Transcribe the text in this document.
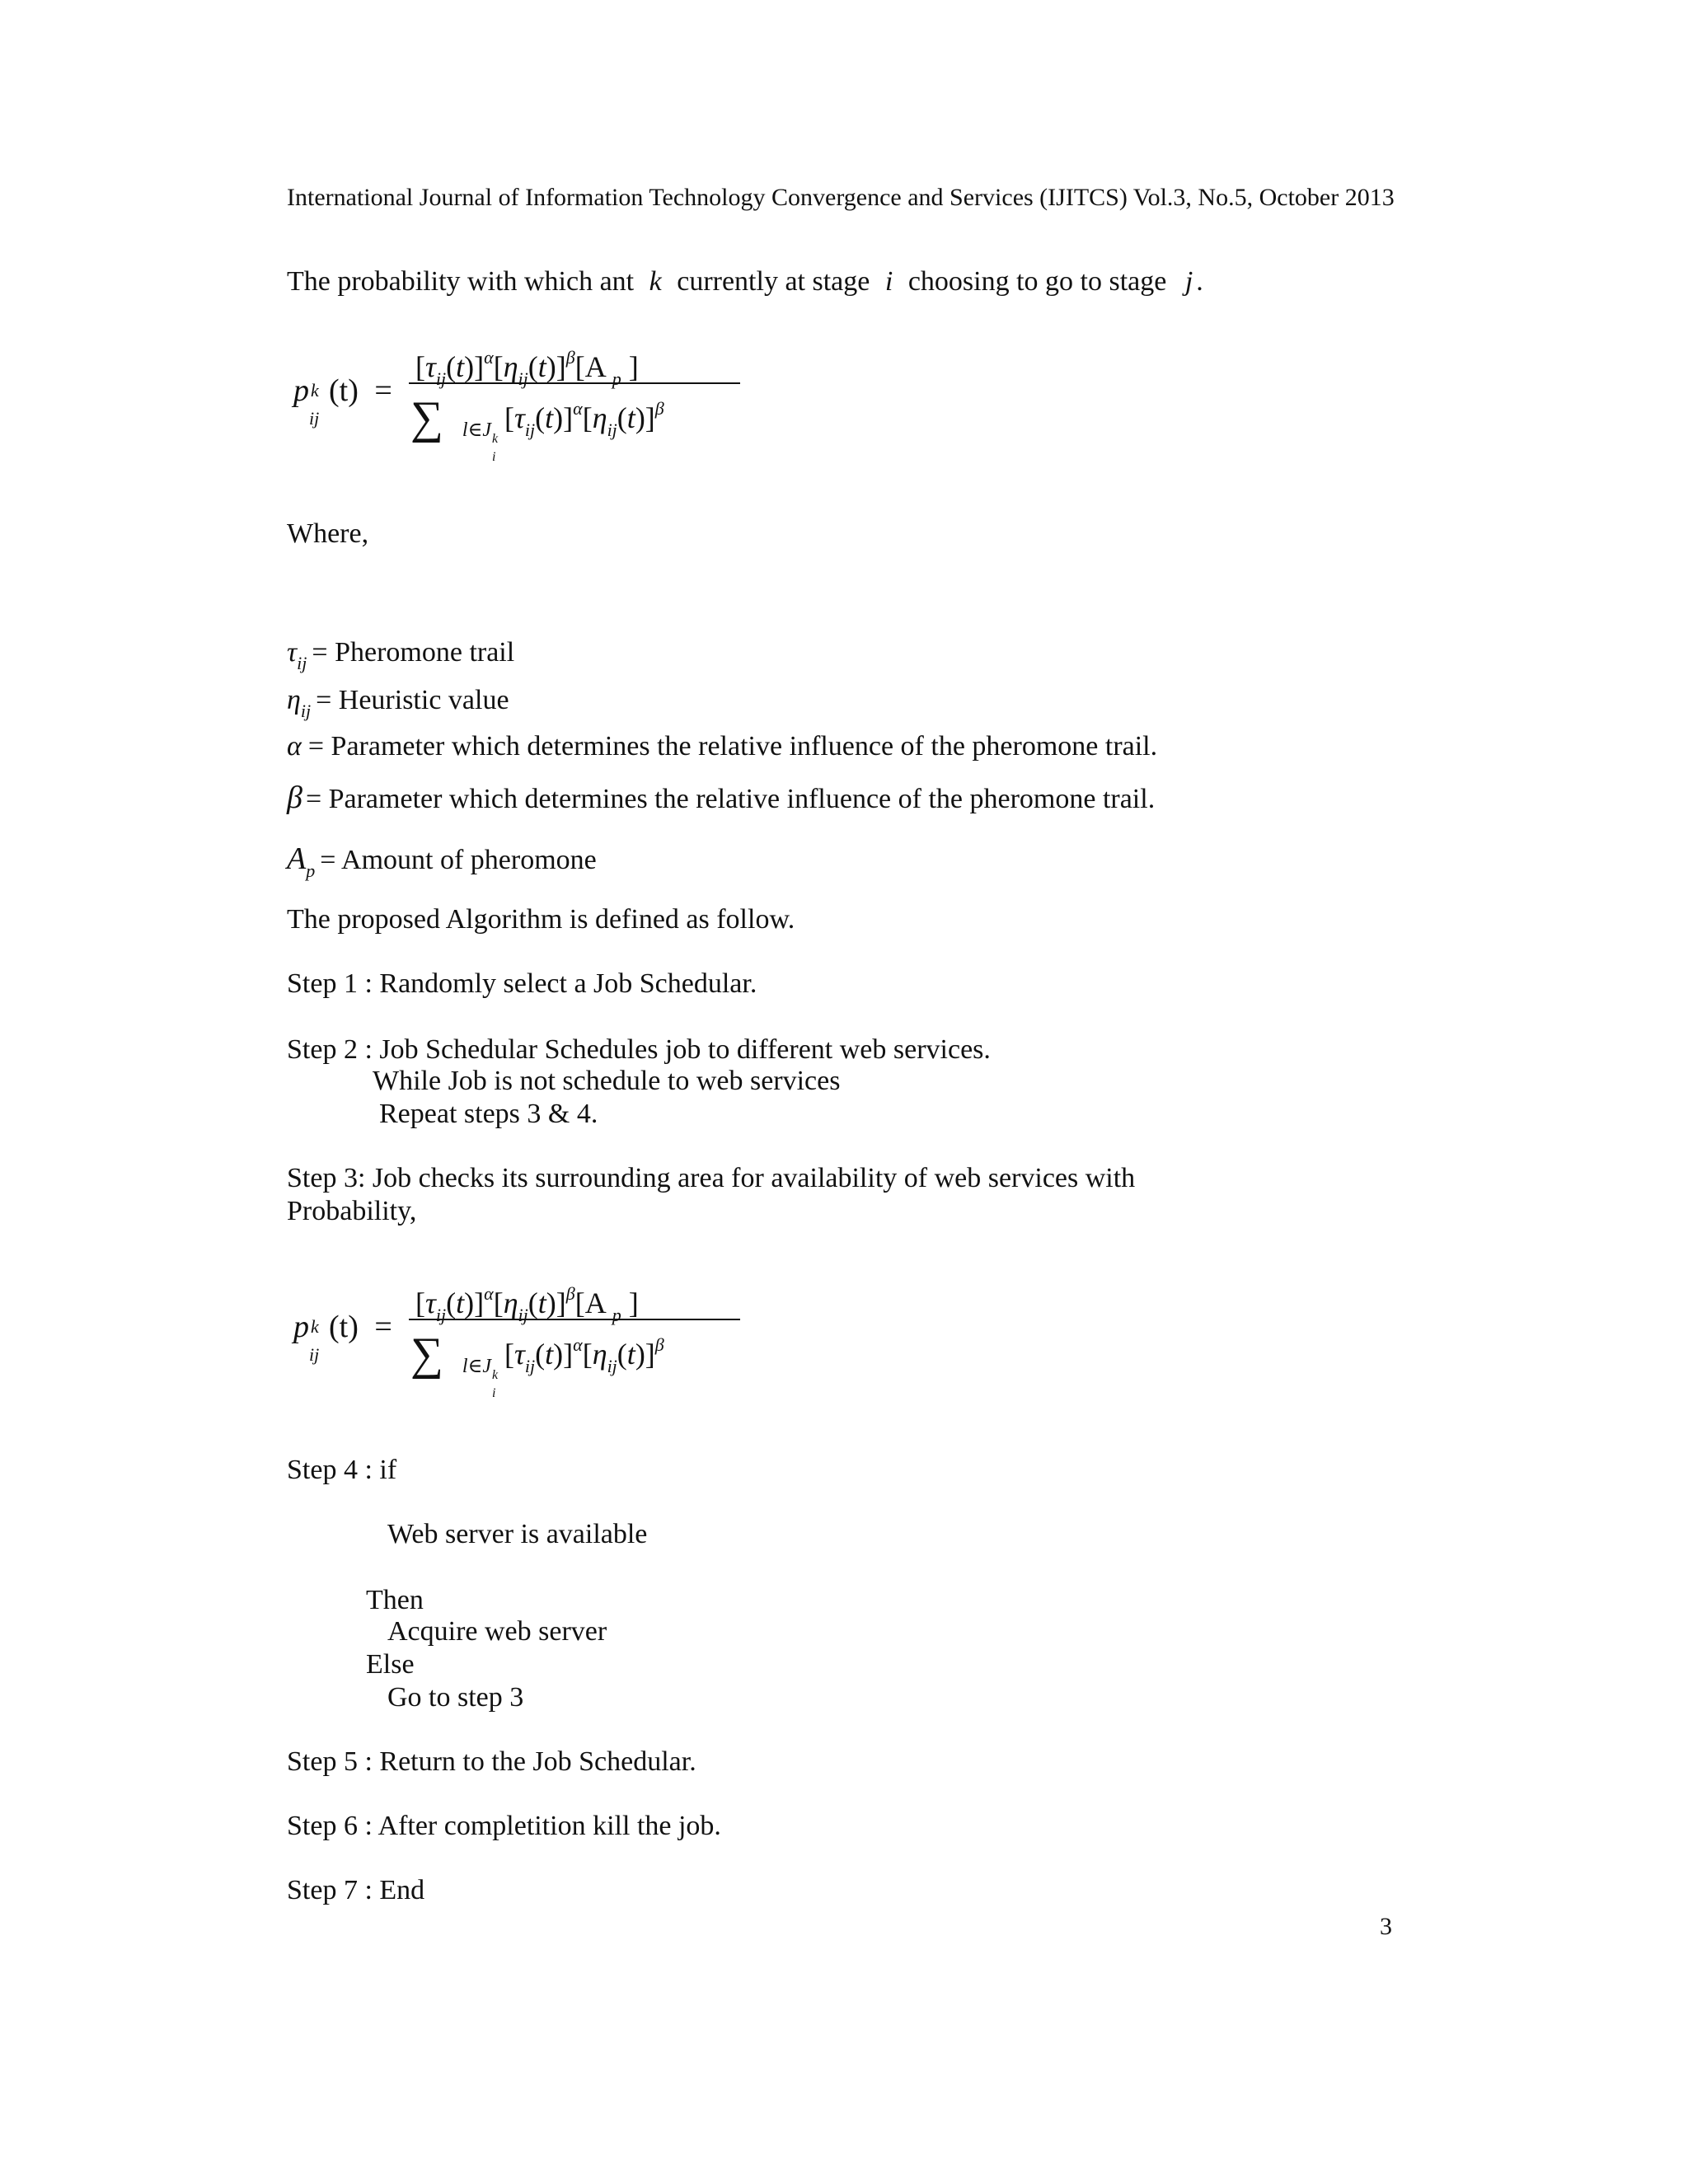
International Journal of Information Technology Convergence and Services (IJITCS) Vol.3, No.5, October 2013
The probability with which ant k currently at stage i choosing to go to stage j .
p k
ij
(t) =
$[\tau_{ij}(t)]^\alpha[\eta_{ij}(t)]^\beta[A$ $_p$ ]
∑ $_{l\in J k i}$
$[\tau_{ij}(t)]^\alpha[\eta_{ij}(t)]^\beta$
Where,
$\tau_{ij}$ = Pheromone trail
$\eta_{ij}$ = Heuristic value
α = Parameter which determines the relative influence of the pheromone trail.
β = Parameter which determines the relative influence of the pheromone trail.
$A_p$ = Amount of pheromone
The proposed Algorithm is defined as follow.
Step 1 : Randomly select a Job Schedular.
Step 2 : Job Schedular Schedules job to different web services.
While Job is not schedule to web services
Repeat steps 3 & 4.
Step 3: Job checks its surrounding area for availability of web services with
Probability,
p k
ij
(t) =
$[\tau_{ij}(t)]^\alpha[\eta_{ij}(t)]^\beta[A$ $_p$ ]
∑ $_{l\in J k i}$
$[\tau_{ij}(t)]^\alpha[\eta_{ij}(t)]^\beta$
Step 4 : if
Web server is available
Then
Acquire web server
Else
Go to step 3
Step 5 : Return to the Job Schedular.
Step 6 : After completition kill the job.
Step 7 : End
3
